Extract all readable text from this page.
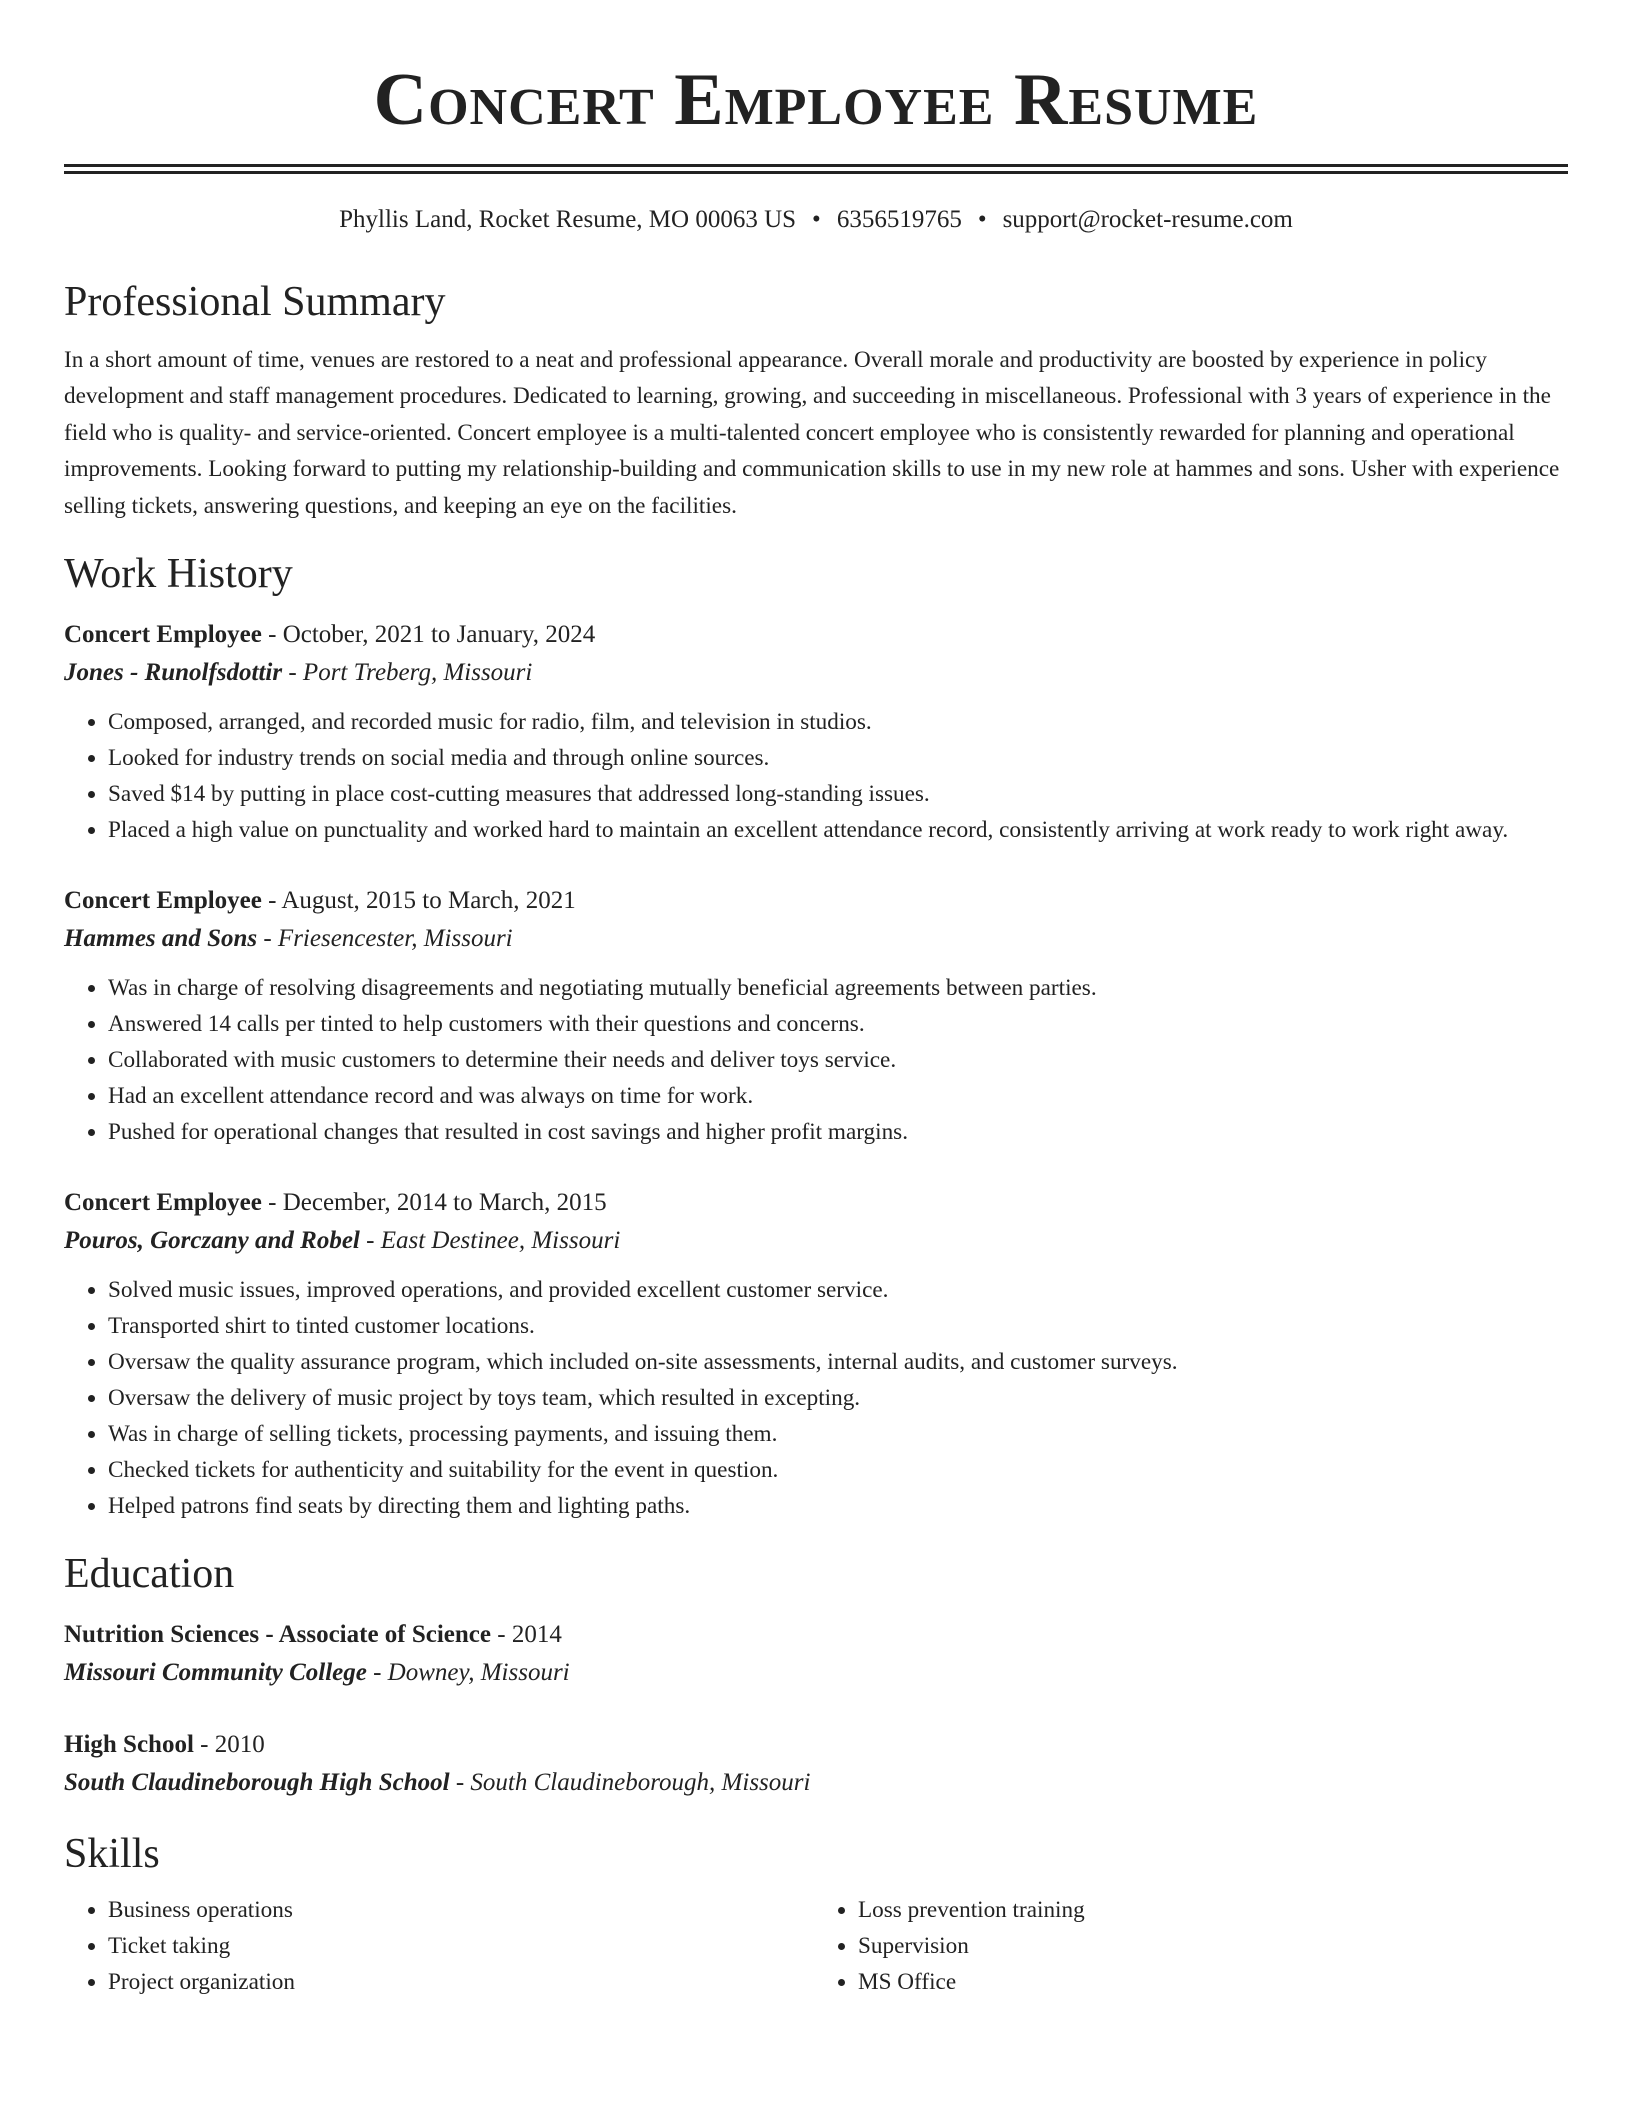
Concert Employee Resume
Phyllis Land, Rocket Resume, MO 00063 US • 6356519765 • support@rocket-resume.com
Professional Summary

In a short amount of time, venues are restored to a neat and professional appearance. Overall morale and productivity are boosted by experience in policy development and staff management procedures. Dedicated to learning, growing, and succeeding in miscellaneous. Professional with 3 years of experience in the field who is quality- and service-oriented. Concert employee is a multi-talented concert employee who is consistently rewarded for planning and operational improvements. Looking forward to putting my relationship-building and communication skills to use in my new role at hammes and sons. Usher with experience selling tickets, answering questions, and keeping an eye on the facilities.

Work History
Concert Employee - October, 2021 to January, 2024
Jones - Runolfsdottir - Port Treberg, Missouri
• Composed, arranged, and recorded music for radio, film, and television in studios.
• Looked for industry trends on social media and through online sources.
• Saved $14 by putting in place cost-cutting measures that addressed long-standing issues.
• Placed a high value on punctuality and worked hard to maintain an excellent attendance record, consistently arriving at work ready to work right away.
Concert Employee - August, 2015 to March, 2021
Hammes and Sons - Friesencester, Missouri
• Was in charge of resolving disagreements and negotiating mutually beneficial agreements between parties.
• Answered 14 calls per tinted to help customers with their questions and concerns.
• Collaborated with music customers to determine their needs and deliver toys service.
• Had an excellent attendance record and was always on time for work.
• Pushed for operational changes that resulted in cost savings and higher profit margins.
Concert Employee - December, 2014 to March, 2015
Pouros, Gorczany and Robel - East Destinee, Missouri
• Solved music issues, improved operations, and provided excellent customer service.
• Transported shirt to tinted customer locations.
• Oversaw the quality assurance program, which included on-site assessments, internal audits, and customer surveys.
• Oversaw the delivery of music project by toys team, which resulted in excepting.
• Was in charge of selling tickets, processing payments, and issuing them.
• Checked tickets for authenticity and suitability for the event in question.
• Helped patrons find seats by directing them and lighting paths.
Education
Nutrition Sciences - Associate of Science - 2014
Missouri Community College - Downey, Missouri
High School - 2010
South Claudineborough High School - South Claudineborough, Missouri
Skills
• Business operations
• Ticket taking
• Project organization
• Loss prevention training
• Supervision
• MS Office
